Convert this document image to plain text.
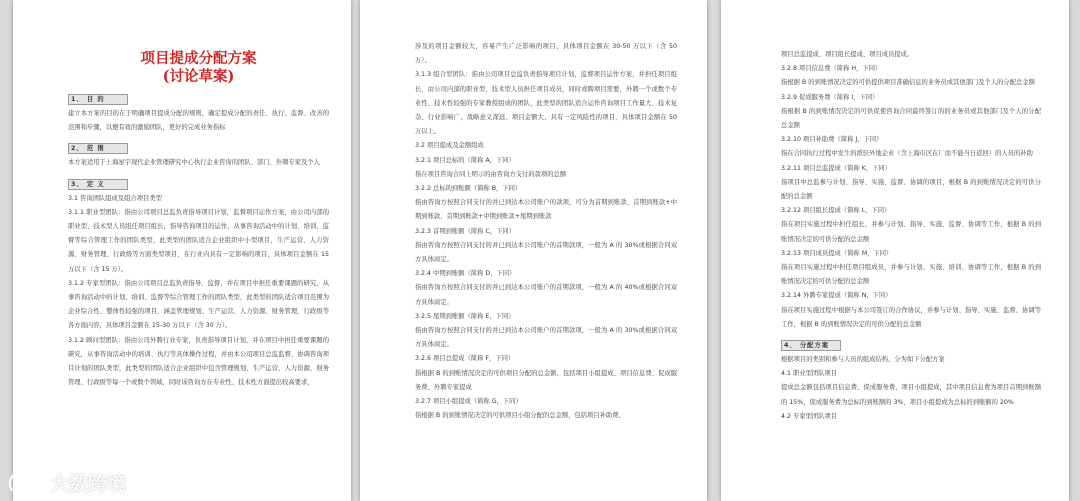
项目提成分配方案
(讨论草案)
1、 目 的
建立本方案的目的在于明确项目提成分配的规则，确定提成分配的责任、执行、监督、改善的范围和步骤，以便有效的激励团队，更好的完成业务指标
2、 范 围
本方案适用于上海星宇现代企业管理研究中心执行企业咨询的团队、部门、外聘专家及个人
3、 定 义
3.1 咨询团队组成及组合项目类型
3.1.1 职业型团队：指由公司项目总监负责指导项目计划，监督项目运作方案，由公司内部的职业型、技术型人员组任项目组长，指导咨询项目的运作，从事咨询活动中的计划、培训、监督等综合管理工作的团队类型，此类型的团队适合企业组织中小型项目，生产运营、人力资源、财务管理、行政级等方面类型项目，在行业内具有一定影响的项目，具体项目金额在 15 万以下（含 15 万）。
3.1.2 专家型团队：指由公司项目总监负责指导、监督，并在项目中担任重要课题的研究，从事咨询活动中的计划、培训、监督等综合管理工作的团队类型，此类型的团队适合项目范围为企业综合性、整体性较强的项目，涵盖管理规划、生产运营、人力资源、财务管理、行政级等各方面内容，具体项目金额在 15-30 万以下（含 30 万）。
3.1.2 顾问型团队：指由公司外聘行业专家，负责指导项目计划，并在项目中担任重要课题的研究，从事咨询活动中的培训、执行等具体操作过程，并由本公司项目总监监督、协调咨询项目计划的团队类型，此类型的团队适合企业组织中包含管理规划、生产运营、人力资源、财务管理、行政级等每一个或数个领域，同时该咨询方在专业性、技术性方面提出较高要求，
涉及的项目金额较大，容易产生广泛影响的项目，具体项目金额在 30-50 万以下（含 50 万）。
3.1.3 组合型团队：指由公司项目总监负责指导项目计划，监督项目运作方案，并担任项目组长，由公司内部的职业型、技术型人员担任项目成员，同时或聘项目需要，外聘一个或数个专业性、技术性较强的专家教授组成的团队，此类型的团队适合运作咨询项目工作量大、技术复杂、行业影响广，战略意义深远、项目金额大、具有一定风险性的项目，具体项目金额在 50 万以上。
3.2 项目提成及金额组成
3.2.1 项目总标的（简称 A，下同）
指在项目咨询合同上明示的由咨询方支付的款项的总额
3.2.2 总标的到账额（简称 B，下同）
指由咨询方按照合同支付的并已到达本公司账户的款项，可分为首期到账款、首期到账款+中期到账款、首期到账款+中期到账款+尾期到账款
3.2.3 首期到账额（简称 C，下同）
指由咨询方按照合同支付的并已到达本公司账户的首期款项，一般为 A 的 30%或根据合同双方具体商定。
3.2.4 中期到账额（简称 D，下同）
指由咨询方按照合同支付的并已到达本公司账户的首期款项，一般为 A 的 40%或根据合同双方具体商定。
3.2.5 尾期到账额（简称 E，下同）
指由咨询方按照合同支付的并已到达本公司账户的首期款项，一般为 A 的 30%或根据合同双方具体商定。
3.2.6 项目总提成（简称 F，下同）
指根据 B 的到账情况决定的可供项目分配的总金额，包括项目小组提成、项目信息费、促成服务费、外聘专家提成
3.2.7 项目小组提成（简称 G，下同）
指根据 B 的到账情况决定的可供项目小组分配的总金额，包括项目补助费、
项目总监提成、项目组长提成、项目成员提成。
3.2.8 项目信息费（简称 H，下同）
指根据 B 的到账情况决定的可供提供项目准确信息的业务员或其他部门及个人的分配总金额
3.2.9 促成服务费（简称 I，下同）
指根据 B 的到账情况决定的可供促使咨询合同最终签订的的业务员或其他部门及个人的分配总金额
3.2.10 项目补助费（简称 J，下同）
指在合同执行过程中发生的派驻外地企业（含上海市区在厂而不能当日返回）的人员的补助
3.2.11 项目总监提成（简称 K，下同）
指项目中总监参与计划、指导、实施、监督、协调的项目，根据 B 的到账情况决定的可供分配的总金额
3.2.12 项目组长提成（简称 L，下同）
指在项目实施过程中担任组长，并参与计划、指导、实施、监督、协调等工作，根据 B 的到账情况决定的可供分配的总金额
3.2.13 项目成员提成（简称 M，下同）
指在项目实施过程中担任项目组成员，并参与计划、实施、培训、协调等工作，根据 B 的到账情况决定的可供分配的总金额
3.2.14 外聘专家提成（简称 N，下同）
指在项目实施过程中根据与本公司签订的合作协议，并参与计划、指导、实施、监督、协调等工作，根据 B 的到账情况决定的可供分配的总金额
4、 分配方案
根据项目的类别和参与人员的组成结构，分为如下分配方案
4.1 职业型团队项目
提成总金额包括项目信息费、促成服务费、项目小组提成，其中项目信息费为项目首期到账额的 15%，促成服务费为总标的到账额的 3%，项目小组提成为总标的到账额的 20%
4.2 专家型团队项目
大数跨境
